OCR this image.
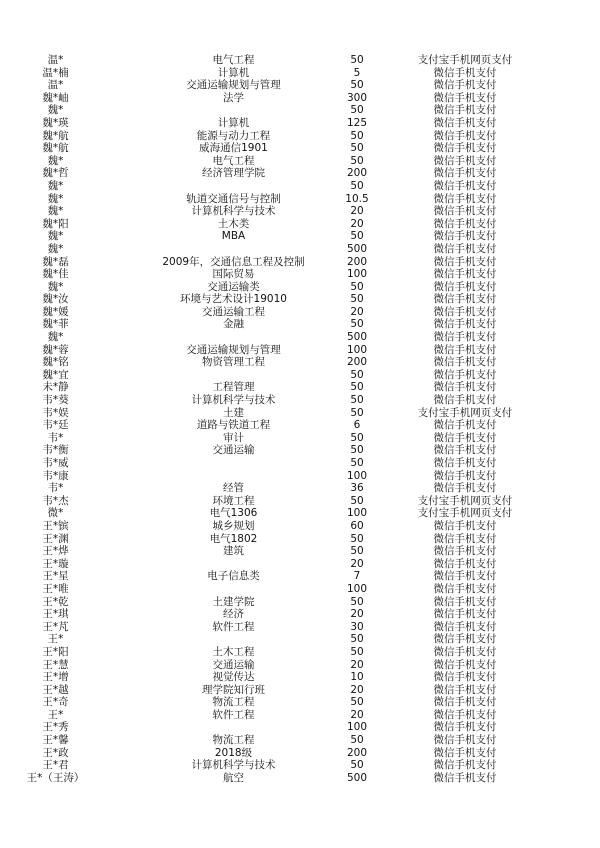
温*	电气工程	50	支付宝手机网页支付	
温*楠	计算机	5	微信手机支付	
温*	交通运输规划与管理	50	微信手机支付	
魏*岫	法学	300	微信手机支付	
魏*		50	微信手机支付	
魏*瑛	计算机	125	微信手机支付	
魏*航	能源与动力工程	50	微信手机支付	
魏*航	威海通信1901	50	微信手机支付	
魏*	电气工程	50	微信手机支付	
魏*哲	经济管理学院	200	微信手机支付	
魏*		50	微信手机支付	
魏*	轨道交通信号与控制	10.5	微信手机支付	
魏*	计算机科学与技术	20	微信手机支付	
魏*阳	土木类	20	微信手机支付	
魏*	MBA	50	微信手机支付	
魏*		500	微信手机支付	
魏*磊	2009年，交通信息工程及控制	200	微信手机支付	
魏*佳	国际贸易	100	微信手机支付	
魏*	交通运输类	50	微信手机支付	
魏*汝	环境与艺术设计19010	50	微信手机支付	
魏*媛	交通运输工程	20	微信手机支付	
魏*菲	金融	50	微信手机支付	
魏*		500	微信手机支付	
魏*蓉	交通运输规划与管理	100	微信手机支付	
魏*铭	物资管理工程	200	微信手机支付	
魏*宜		50	微信手机支付	
未*静	工程管理	50	微信手机支付	
韦*葵	计算机科学与技术	50	微信手机支付	
韦*娱	土建	50	支付宝手机网页支付	
韦*廷	道路与铁道工程	6	微信手机支付	
韦*	审计	50	微信手机支付	
韦*衡	交通运输	50	微信手机支付	
韦*威		50	微信手机支付	
韦*康		100	微信手机支付	
韦*	经管	36	微信手机支付	
韦*杰	环境工程	50	支付宝手机网页支付	
微*	电气1306	100	支付宝手机网页支付	
王*镔	城乡规划	60	微信手机支付	
王*渊	电气1802	50	微信手机支付	
王*烨	建筑	50	微信手机支付	
王*璇		20	微信手机支付	
王*星	电子信息类	7	微信手机支付	
王*唯		100	微信手机支付	
王*乾	土建学院	50	微信手机支付	
王*琪	经济	20	微信手机支付	
王*芃	软件工程	30	微信手机支付	
王*		50	微信手机支付	
王*阳	土木工程	50	微信手机支付	
王*慧	交通运输	20	微信手机支付	
王*增	视觉传达	10	微信手机支付	
王*越	理学院知行班	20	微信手机支付	
王*奇	物流工程	50	微信手机支付	
王*	软件工程	20	微信手机支付	
王*秀		100	微信手机支付	
王*馨	物流工程	50	微信手机支付	
王*政	2018级	200	微信手机支付	
王*君	计算机科学与技术	50	微信手机支付	
王*（王涛）	航空	500	微信手机支付	
